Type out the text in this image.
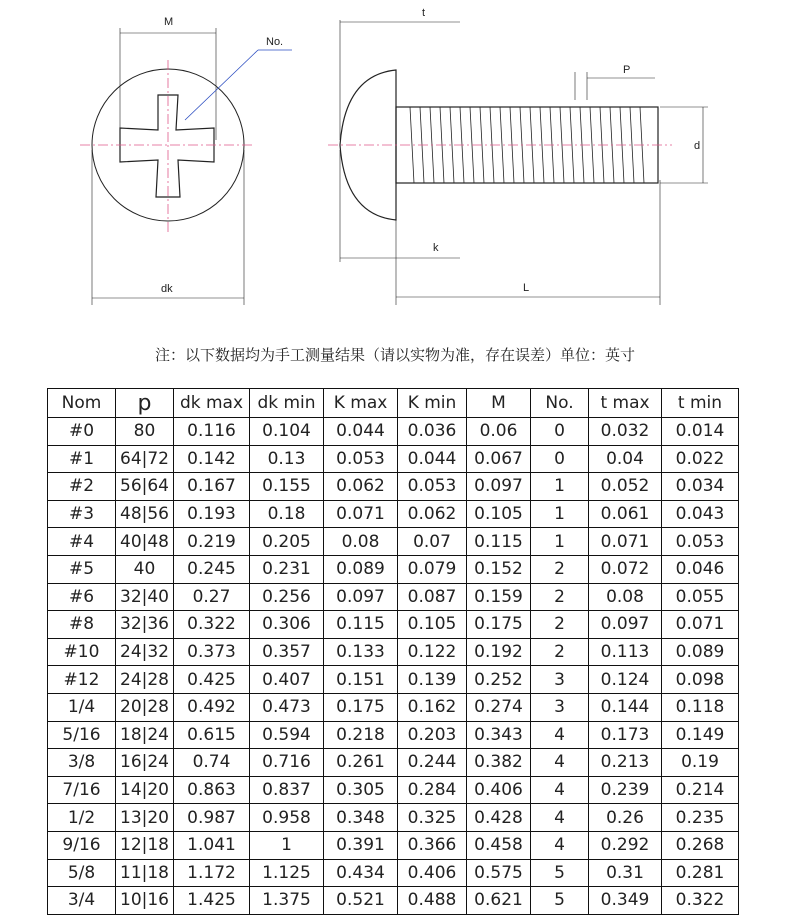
M
No.
dk
t
P
d
k
L
注：以下数据均为手工测量结果（请以实物为准，存在误差）单位：英寸
Nom	p	dk max	dk min	K max	K min	M	No.	t max	t min
#0	80	0.116	0.104	0.044	0.036	0.06	0	0.032	0.014
#1	64|72	0.142	0.13	0.053	0.044	0.067	0	0.04	0.022
#2	56|64	0.167	0.155	0.062	0.053	0.097	1	0.052	0.034
#3	48|56	0.193	0.18	0.071	0.062	0.105	1	0.061	0.043
#4	40|48	0.219	0.205	0.08	0.07	0.115	1	0.071	0.053
#5	40	0.245	0.231	0.089	0.079	0.152	2	0.072	0.046
#6	32|40	0.27	0.256	0.097	0.087	0.159	2	0.08	0.055
#8	32|36	0.322	0.306	0.115	0.105	0.175	2	0.097	0.071
#10	24|32	0.373	0.357	0.133	0.122	0.192	2	0.113	0.089
#12	24|28	0.425	0.407	0.151	0.139	0.252	3	0.124	0.098
1/4	20|28	0.492	0.473	0.175	0.162	0.274	3	0.144	0.118
5/16	18|24	0.615	0.594	0.218	0.203	0.343	4	0.173	0.149
3/8	16|24	0.74	0.716	0.261	0.244	0.382	4	0.213	0.19
7/16	14|20	0.863	0.837	0.305	0.284	0.406	4	0.239	0.214
1/2	13|20	0.987	0.958	0.348	0.325	0.428	4	0.26	0.235
9/16	12|18	1.041	1	0.391	0.366	0.458	4	0.292	0.268
5/8	11|18	1.172	1.125	0.434	0.406	0.575	5	0.31	0.281
3/4	10|16	1.425	1.375	0.521	0.488	0.621	5	0.349	0.322
